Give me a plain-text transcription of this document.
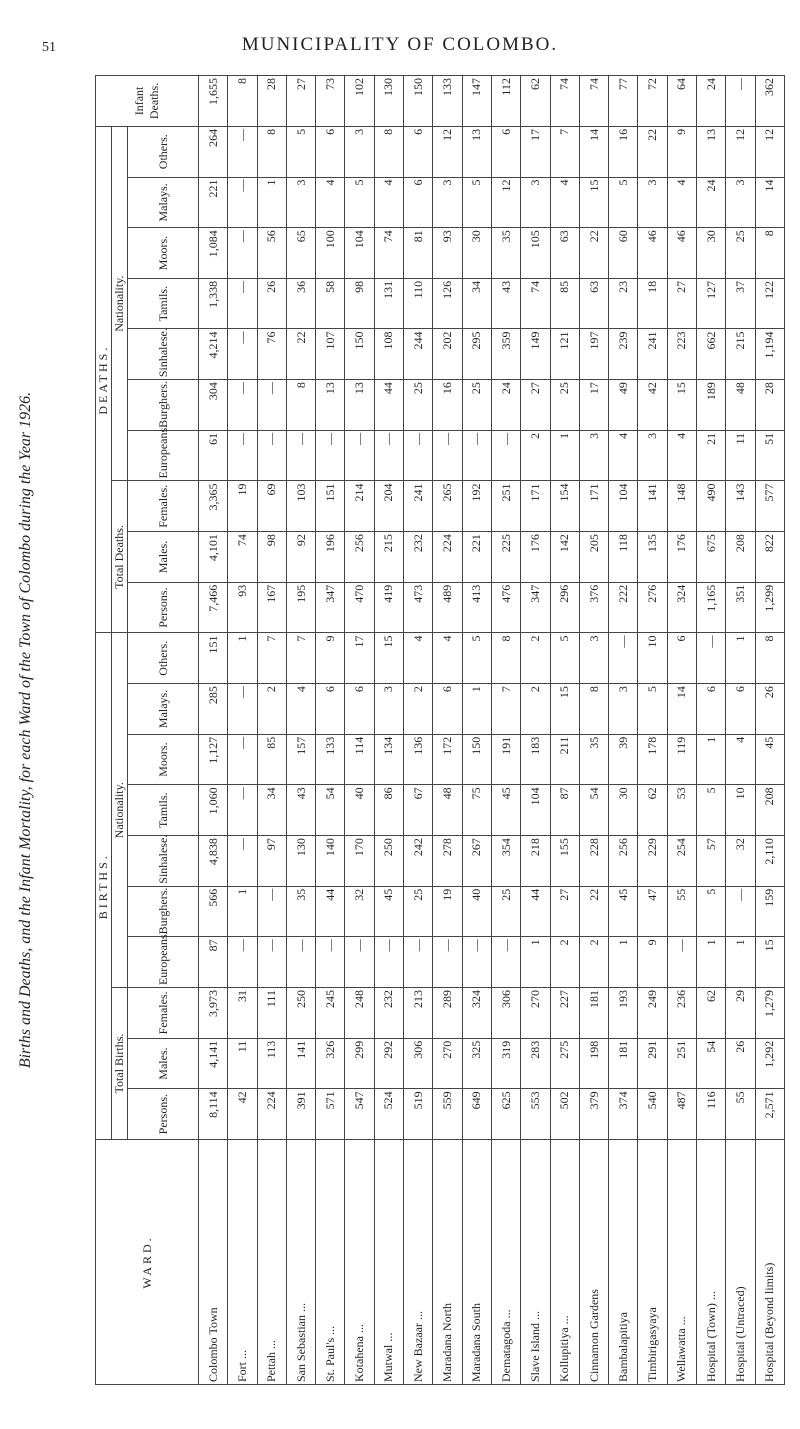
51	MUNICIPALITY OF COLOMBO.
Births and Deaths, and the Infant Mortality, for each Ward of the Town of Colombo during the Year 1926.
WARD.	BIRTHS.										DEATHS.										Infant Deaths.
	Total Births.			Nationality.							Total Deaths.			Nationality.							
	Persons.	Males.	Females.	Europeans.	Burghers.	Sinhalese.	Tamils.	Moors.	Malays.	Others.	Persons.	Males.	Females.	Europeans.	Burghers.	Sinhalese.	Tamils.	Moors.	Malays.	Others.	
Colombo Town	8,114	4,141	3,973	87	566	4,838	1,060	1,127	285	151	7,466	4,101	3,365	61	304	4,214	1,338	1,084	221	264	1,655
Fort ...	42	11	31	—	1	—	—	—	—	1	93	74	19	—	—	—	—	—	—	—	8
Pettah ...	224	113	111	—	—	97	34	85	2	7	167	98	69	—	—	76	26	56	1	8	28
San Sebastian ...	391	141	250	—	35	130	43	157	4	7	195	92	103	—	8	22	36	65	3	5	27
St. Paul's ...	571	326	245	—	44	140	54	133	6	9	347	196	151	—	13	107	58	100	4	6	73
Kotahena ...	547	299	248	—	32	170	40	114	6	17	470	256	214	—	13	150	98	104	5	3	102
Mutwal ...	524	292	232	—	45	250	86	134	3	15	419	215	204	—	44	108	131	74	4	8	130
New Bazaar ...	519	306	213	—	25	242	67	136	2	4	473	232	241	—	25	244	110	81	6	6	150
Maradana North	559	270	289	—	19	278	48	172	6	4	489	224	265	—	16	202	126	93	3	12	133
Maradana South	649	325	324	—	40	267	75	150	1	5	413	221	192	—	25	295	34	30	5	13	147
Dematagoda ...	625	319	306	—	25	354	45	191	7	8	476	225	251	—	24	359	43	35	12	6	112
Slave Island ...	553	283	270	1	44	218	104	183	2	2	347	176	171	2	27	149	74	105	3	17	62
Kollupitiya ...	502	275	227	2	27	155	87	211	15	5	296	142	154	1	25	121	85	63	4	7	74
Cinnamon Gardens	379	198	181	2	22	228	54	35	8	3	376	205	171	3	17	197	63	22	15	14	74
Bambalapitiya	374	181	193	1	45	256	30	39	3	—	222	118	104	4	49	239	23	60	5	16	77
Timbirigasyaya	540	291	249	9	47	229	62	178	5	10	276	135	141	3	42	241	18	46	3	22	72
Wellawatta ...	487	251	236	—	55	254	53	119	14	6	324	176	148	4	15	223	27	46	4	9	64
Hospital (Town) ...	116	54	62	1	5	57	5	1	6	—	1,165	675	490	21	189	662	127	30	24	13	24
Hospital (Untraced)	55	26	29	1	—	32	10	4	6	1	351	208	143	11	48	215	37	25	3	12	—
Hospital (Beyond limits)	2,571	1,292	1,279	15	159	2,110	208	45	26	8	1,299	822	577	51	28	1,194	122	8	14	12	362
